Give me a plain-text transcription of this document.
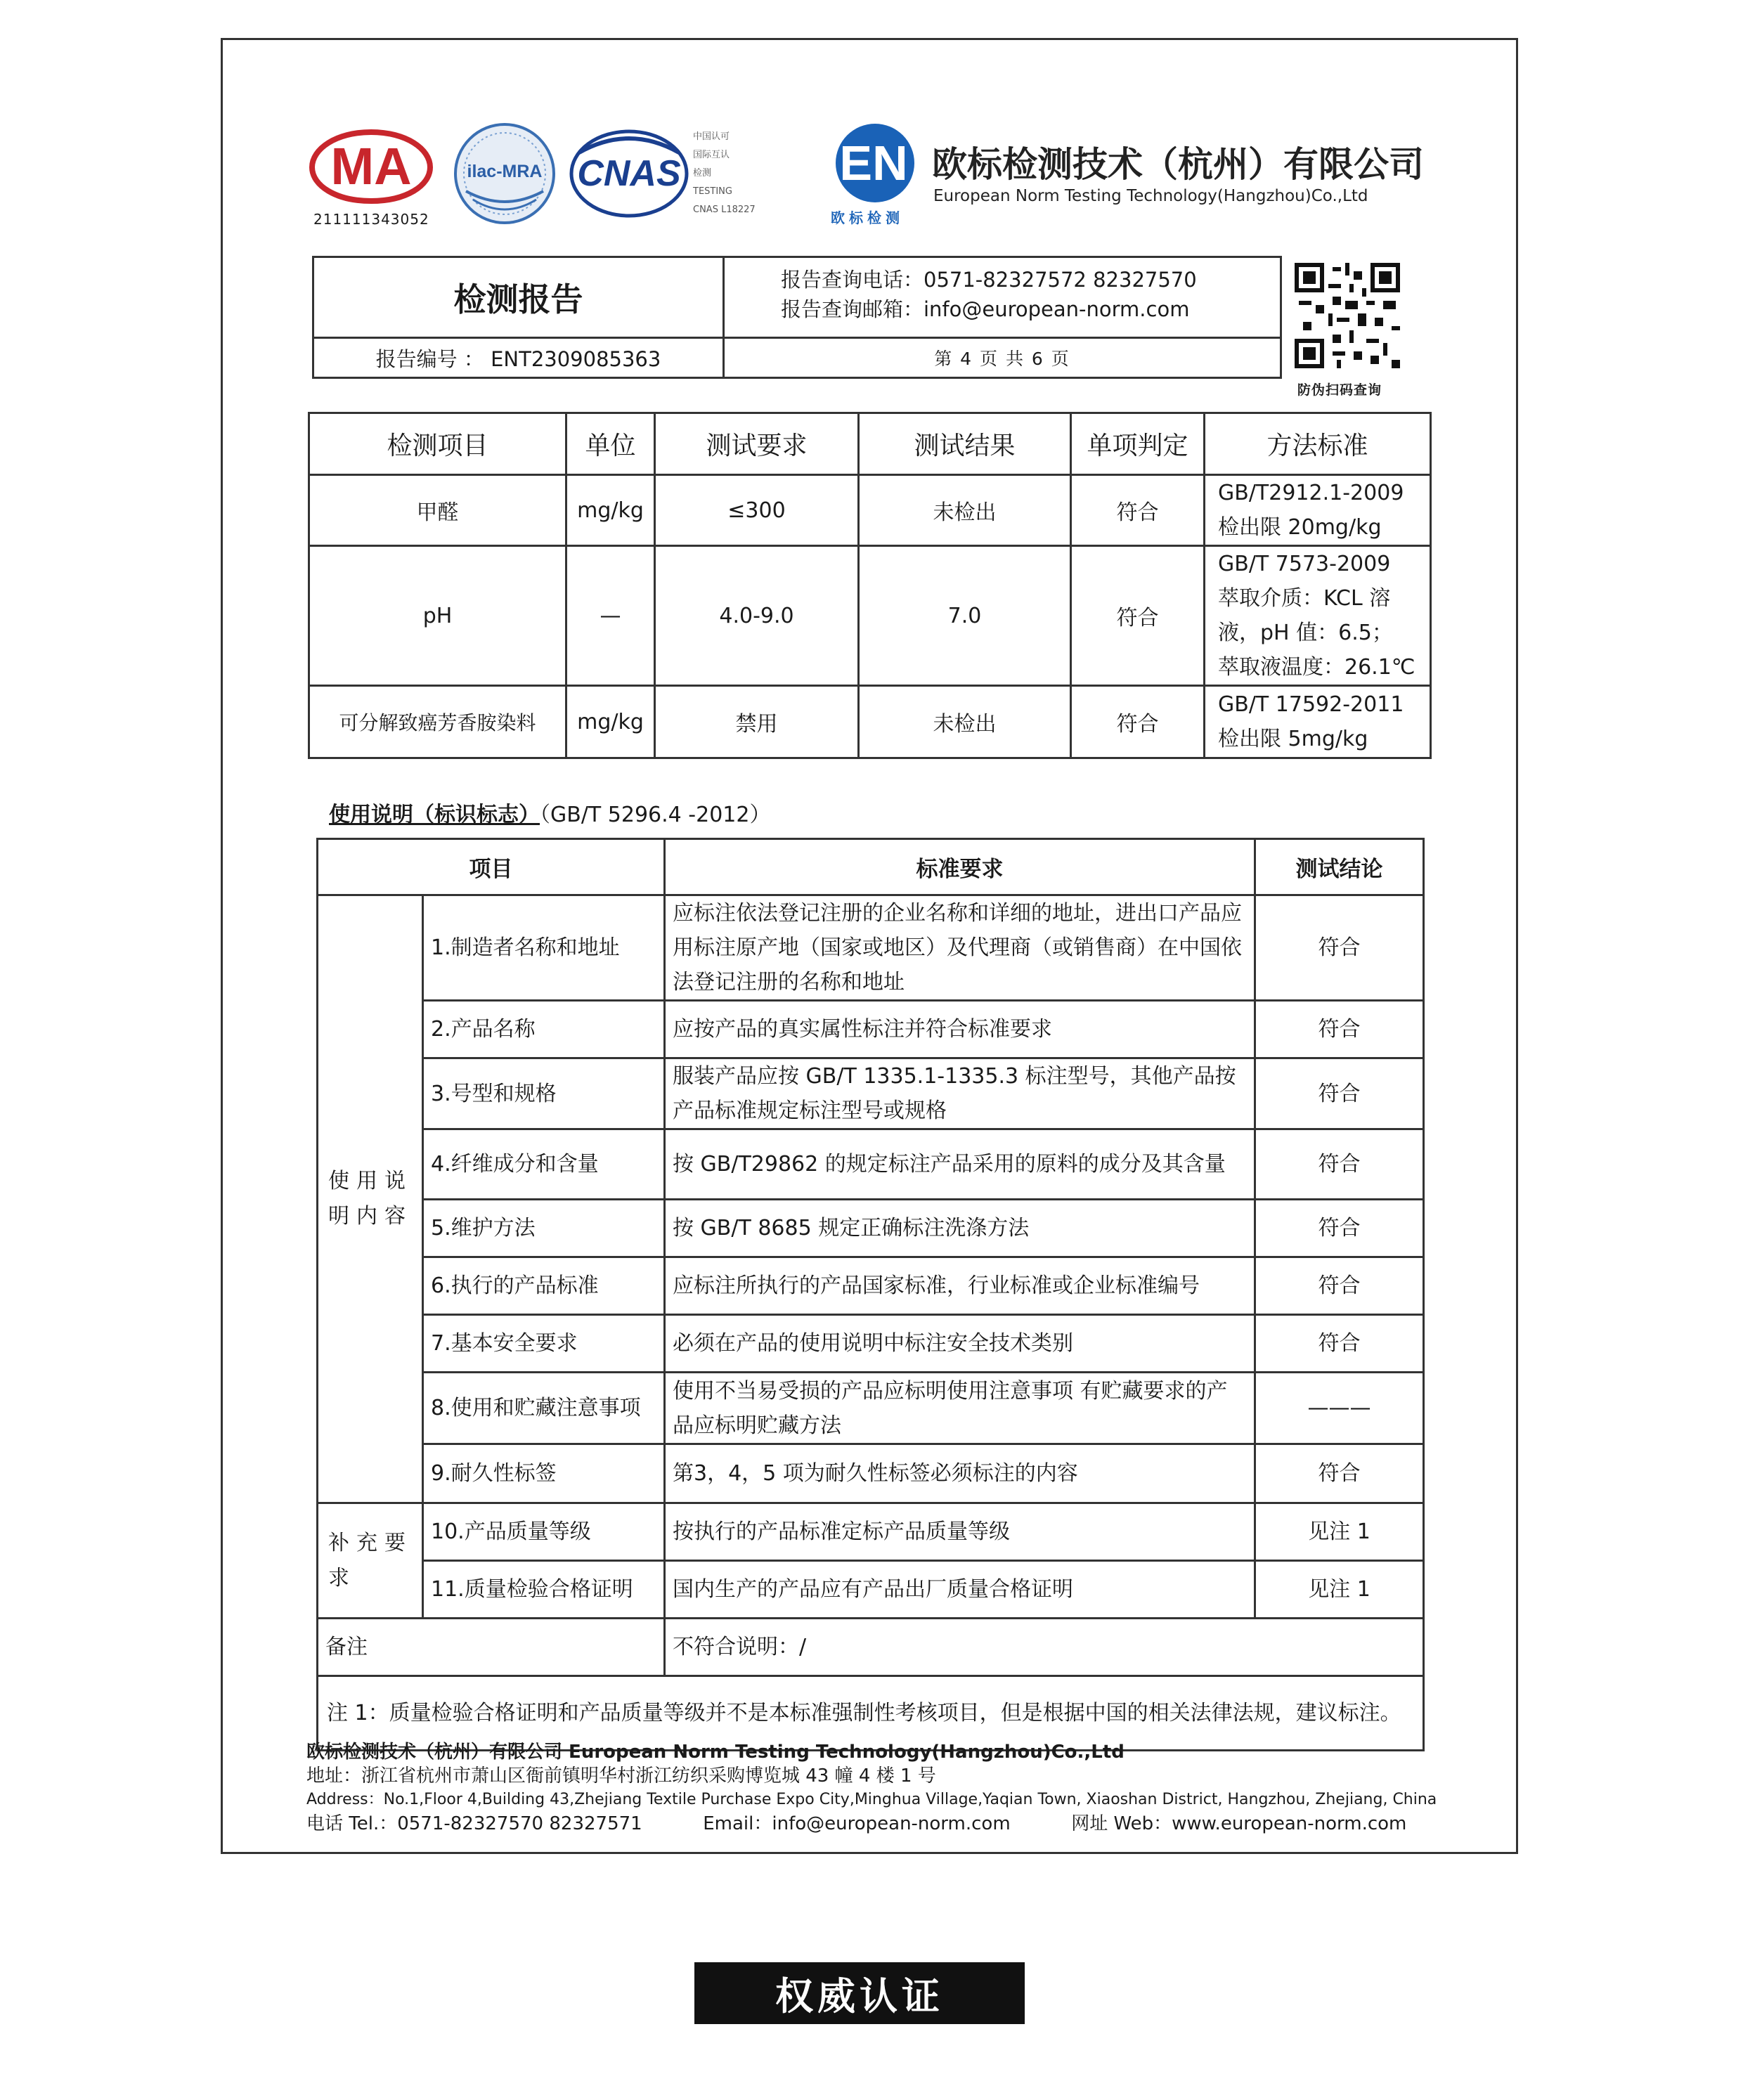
MA
211111343052
ilac-MRA CNAS
中国认可
国际互认
检测
TESTING
CNAS L18227
EN
欧标检测
欧标检测技术（杭州）有限公司
European Norm Testing Technology(Hangzhou)Co.,Ltd
检测报告
报告查询电话：0571-82327572 82327570
报告查询邮箱：info@european-norm.com
报告编号 ： ENT2309085363	第 4 页 共 6 页
防伪扫码查询
检测项目	单位	测试要求	测试结果	单项判定	方法标准
甲醛	mg/kg	≤300	未检出	符合	GB/T2912.1-2009
检出限 20mg/kg

pH	—	4.0-9.0	7.0	符合	GB/T 7573-2009
萃取介质：KCL 溶
液，pH 值：6.5；
萃取液温度：26.1℃

可分解致癌芳香胺染料	mg/kg	禁用	未检出	符合	GB/T 17592-2011
检出限 5mg/kg
使用说明（标识标志）（GB/T 5296.4 -2012）
项目		标准要求	测试结论
使用说明内容	1.制造者名称和地址	应标注依法登记注册的企业名称和详细的地址，进出口产品应用标注原产地（国家或地区）及代理商（或销售商）在中国依法登记注册的名称和地址	符合
	2.产品名称	应按产品的真实属性标注并符合标准要求	符合
	3.号型和规格	服装产品应按 GB/T 1335.1-1335.3 标注型号，其他产品按产品标准规定标注型号或规格	符合
	4.纤维成分和含量	按 GB/T29862 的规定标注产品采用的原料的成分及其含量	符合
	5.维护方法	按 GB/T 8685 规定正确标注洗涤方法	符合
	6.执行的产品标准	应标注所执行的产品国家标准，行业标准或企业标准编号	符合
	7.基本安全要求	必须在产品的使用说明中标注安全技术类别	符合
	8.使用和贮藏注意事项	使用不当易受损的产品应标明使用注意事项 有贮藏要求的产品应标明贮藏方法	———
	9.耐久性标签	第3，4，5 项为耐久性标签必须标注的内容	符合
补充要求	10.产品质量等级	按执行的产品标准定标产品质量等级	见注 1
	11.质量检验合格证明	国内生产的产品应有产品出厂质量合格证明	见注 1
备注		不符合说明：/	
注 1：质量检验合格证明和产品质量等级并不是本标准强制性考核项目，但是根据中国的相关法律法规，建议标注。			
欧标检测技术（杭州）有限公司 European Norm Testing Technology(Hangzhou)Co.,Ltd
地址：浙江省杭州市萧山区衙前镇明华村浙江纺织采购博览城 43 幢 4 楼 1 号
Address：No.1,Floor 4,Building 43,Zhejiang Textile Purchase Expo City,Minghua Village,Yaqian Town, Xiaoshan District, Hangzhou, Zhejiang, China
电话 Tel.：0571-82327570 82327571	Email：info@european-norm.com	网址 Web：www.european-norm.com
权威认证
